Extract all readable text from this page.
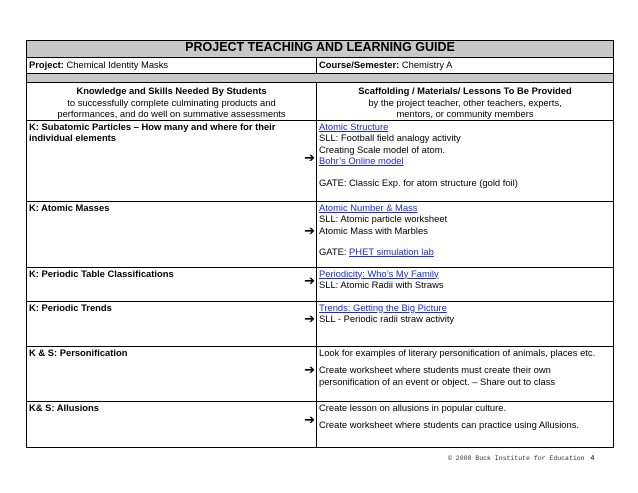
PROJECT TEACHING AND LEARNING GUIDE	
Project: Chemical Identity Masks	Course/Semester: Chemistry A

Knowledge and Skills Needed By Students
to successfully complete culminating products and
performances, and do well on summative assessments	Scaffolding / Materials/ Lessons To Be Provided
by the project teacher, other teachers, experts,
mentors, or community members

K: Subatomic Particles – How many and where for their
individual elements
➔	Atomic Structure
SLL: Football field analogy activity
Creating Scale model of atom.
Bohr’s Online model
GATE: Classic Exp. for atom structure (gold foil)

K: Atomic Masses
➔	Atomic Number & Mass
SLL: Atomic particle worksheet
Atomic Mass with Marbles
GATE: PHET simulation lab

K: Periodic Table Classifications ➔	Periodicity: Who’s My Family
SLL: Atomic Radii with Straws

K: Periodic Trends
➔	Trends: Getting the Big Picture
SLL - Periodic radii straw activity

K & S: Personification
➔	Look for examples of literary personification of animals, places etc.
Create worksheet where students must create their own personification of an event or object. – Share out to class

K& S: Allusions
➔	Create lesson on allusions in popular culture.
Create worksheet where students can practice using Allusions.
© 2008 Buck Institute for Education 4
